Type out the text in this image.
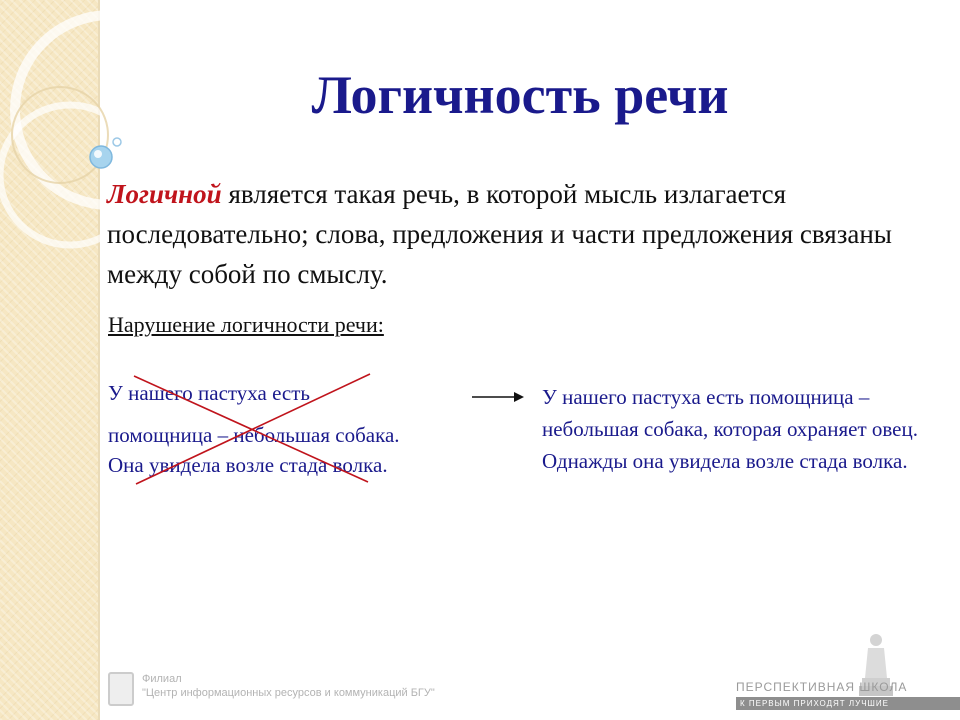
Логичность речи

Логичной является такая речь, в которой мысль излагается последовательно; слова, предложения и части предложения связаны между собой по смыслу.

Нарушение логичности речи:

У нашего пастуха есть
помощница – небольшая собака.
Она увидела возле стада волка.

У нашего пастуха есть помощница – небольшая собака, которая охраняет овец. Однажды она увидела возле стада волка.

Филиал
"Центр информационных ресурсов и коммуникаций БГУ"	ПЕРСПЕКТИВНАЯ ШКОЛА
К ПЕРВЫМ ПРИХОДЯТ ЛУЧШИЕ
